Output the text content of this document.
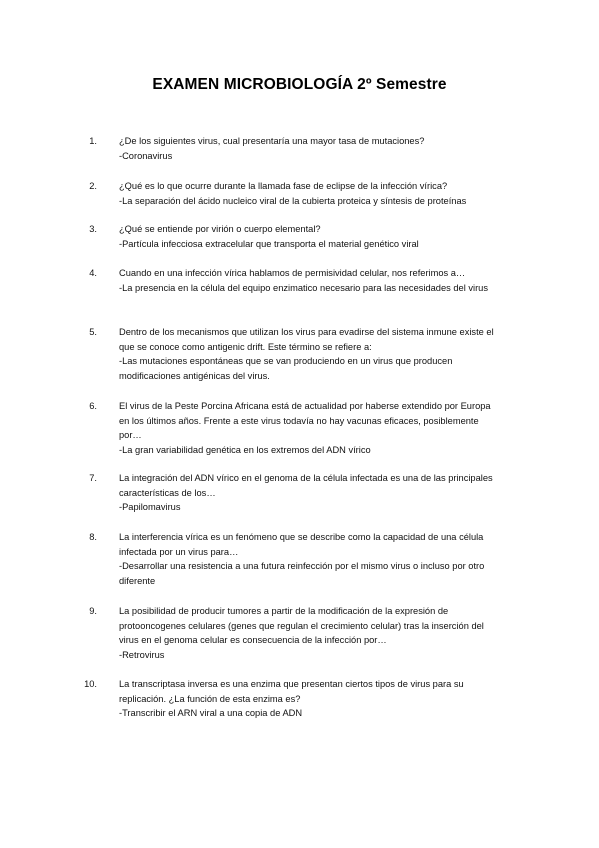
EXAMEN MICROBIOLOGÍA 2º Semestre
1.	¿De los siguientes virus, cual presentaría una mayor tasa de mutaciones?
-Coronavirus
2.	¿Qué es lo que ocurre durante la llamada fase de eclipse de la infección vírica?
-La separación del ácido nucleico viral de la cubierta proteica y síntesis de proteínas
3.	¿Qué se entiende por virión o cuerpo elemental?
-Partícula infecciosa extracelular que transporta el material genético viral
4.	Cuando en una infección vírica hablamos de permisividad celular, nos referimos a…
-La presencia en la célula del equipo enzimatico necesario para las necesidades del virus
5.	Dentro de los mecanismos que utilizan los virus para evadirse del sistema inmune existe el que se conoce como antigenic drift. Este término se refiere a:
-Las mutaciones espontáneas que se van produciendo en un virus que producen modificaciones antigénicas del virus.
6.	El virus de la Peste Porcina Africana está de actualidad por haberse extendido por Europa en los últimos años. Frente a este virus todavía no hay vacunas eficaces, posiblemente por…
-La gran variabilidad genética en los extremos del ADN vírico
7.	La integración del ADN vírico en el genoma de la célula infectada es una de las principales características de los…
-Papilomavirus
8.	La interferencia vírica es un fenómeno que se describe como la capacidad de una célula infectada por un virus para…
-Desarrollar una resistencia a una futura reinfección por el mismo virus o incluso por otro diferente
9.	La posibilidad de producir tumores a partir de la modificación de la expresión de protooncogenes celulares (genes que regulan el crecimiento celular) tras la inserción del virus en el genoma celular es consecuencia de la infección por…
-Retrovirus
10.	La transcriptasa inversa es una enzima que presentan ciertos tipos de virus para su replicación. ¿La función de esta enzima es?
-Transcribir el ARN viral a una copia de ADN
